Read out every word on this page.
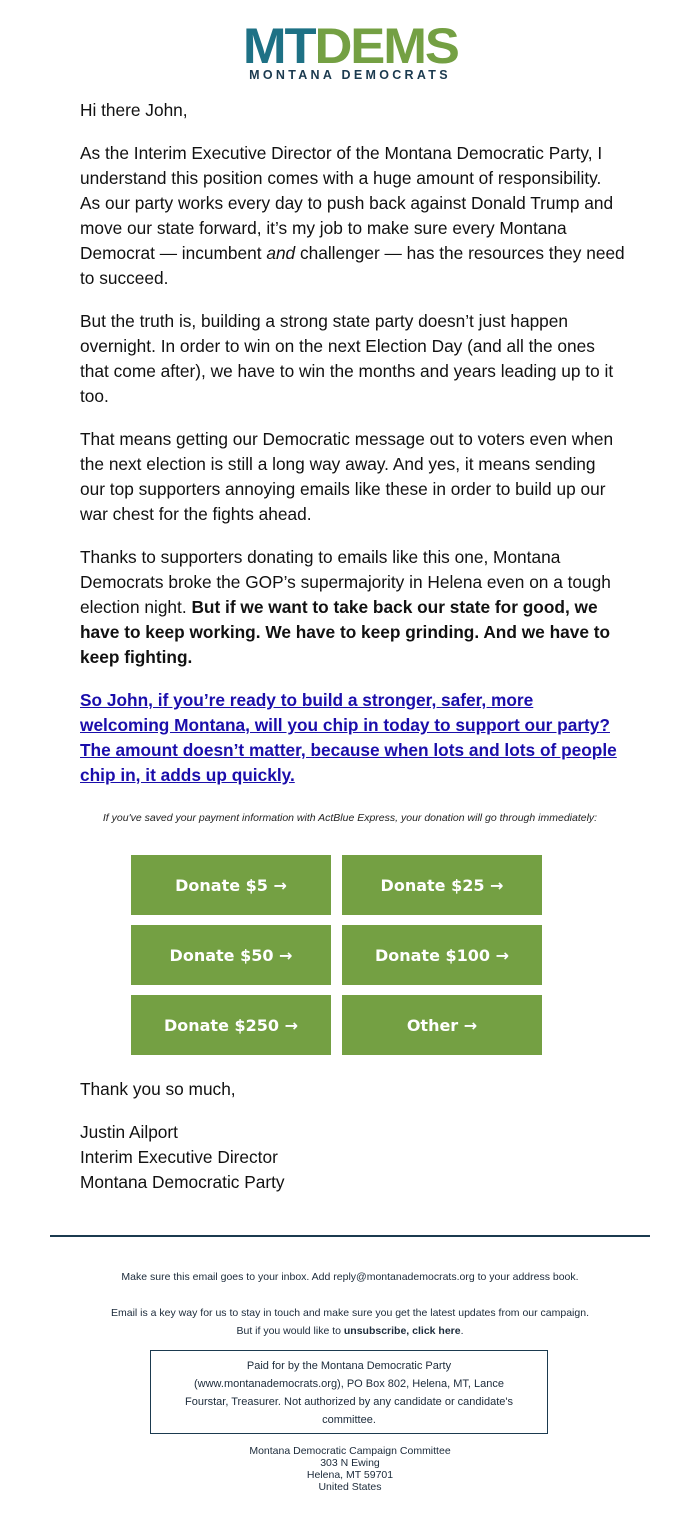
MTDEMS
MONTANA DEMOCRATS

Hi there John,

As the Interim Executive Director of the Montana Democratic Party, I understand this position comes with a huge amount of responsibility. As our party works every day to push back against Donald Trump and move our state forward, it’s my job to make sure every Montana Democrat — incumbent and challenger — has the resources they need to succeed.

But the truth is, building a strong state party doesn’t just happen overnight. In order to win on the next Election Day (and all the ones that come after), we have to win the months and years leading up to it too.

That means getting our Democratic message out to voters even when the next election is still a long way away. And yes, it means sending our top supporters annoying emails like these in order to build up our war chest for the fights ahead.

Thanks to supporters donating to emails like this one, Montana Democrats broke the GOP’s supermajority in Helena even on a tough election night. But if we want to take back our state for good, we have to keep working. We have to keep grinding. And we have to keep fighting.

So John, if you’re ready to build a stronger, safer, more welcoming Montana, will you chip in today to support our party? The amount doesn’t matter, because when lots and lots of people chip in, it adds up quickly.

If you've saved your payment information with ActBlue Express, your donation will go through immediately:
Donate $5 →	Donate $25 →
Donate $50 →	Donate $100 →
Donate $250 →	Other →

Thank you so much,

Justin Ailport
Interim Executive Director
Montana Democratic Party
Make sure this email goes to your inbox. Add reply@montanademocrats.org to your address book.
Email is a key way for us to stay in touch and make sure you get the latest updates from our campaign.
But if you would like to unsubscribe, click here.
Paid for by the Montana Democratic Party (www.montanademocrats.org), PO Box 802, Helena, MT, Lance Fourstar, Treasurer. Not authorized by any candidate or candidate's committee.
Montana Democratic Campaign Committee
303 N Ewing
Helena, MT 59701
United States
